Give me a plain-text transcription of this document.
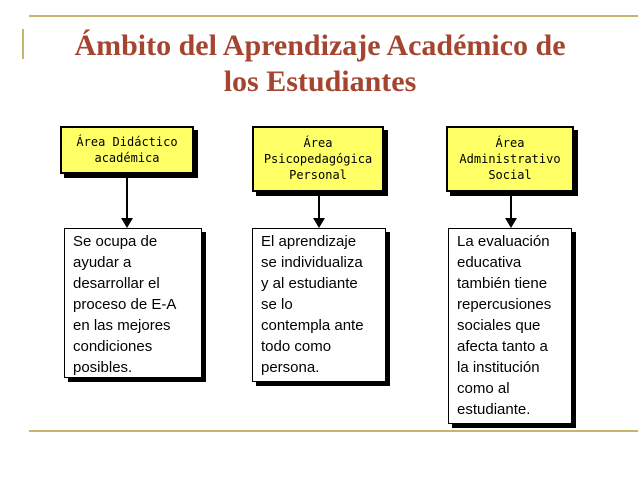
Ámbito del Aprendizaje Académico de
los Estudiantes
Área Didáctico
académica
Se ocupa de
ayudar a
desarrollar el
proceso de E-A
en las mejores
condiciones
posibles.
Área
Psicopedagógica
Personal
El aprendizaje
se individualiza
y al estudiante
se lo
contempla ante
todo como
persona.
Área
Administrativo
Social
La evaluación
educativa
también tiene
repercusiones
sociales que
afecta tanto a
la institución
como al
estudiante.
